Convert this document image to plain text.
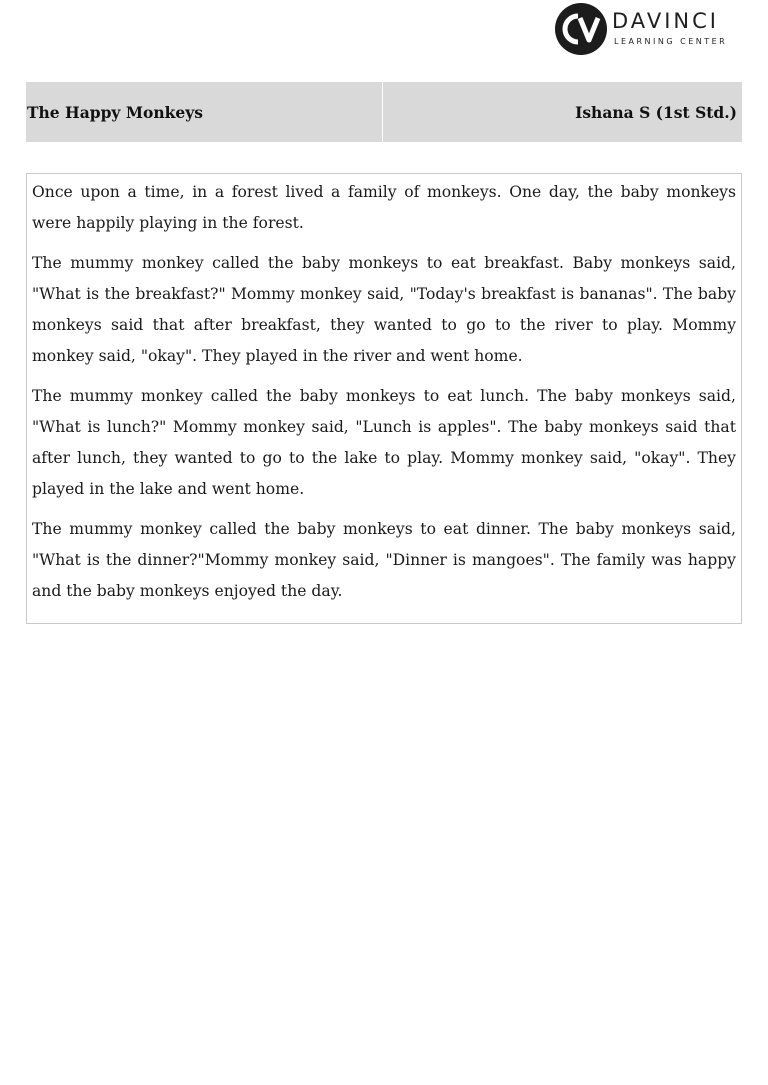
DAVINCI
LEARNING CENTER
The Happy Monkeys	Ishana S (1st Std.)

Once upon a time, in a forest lived a family of monkeys. One day, the baby monkeys were happily playing in the forest.

The mummy monkey called the baby monkeys to eat breakfast. Baby monkeys said, "What is the breakfast?" Mommy monkey said, "Today's breakfast is bananas". The baby monkeys said that after breakfast, they wanted to go to the river to play. Mommy monkey said, "okay". They played in the river and went home.

The mummy monkey called the baby monkeys to eat lunch. The baby monkeys said, "What is lunch?" Mommy monkey said, "Lunch is apples". The baby monkeys said that after lunch, they wanted to go to the lake to play. Mommy monkey said, "okay". They played in the lake and went home.

The mummy monkey called the baby monkeys to eat dinner. The baby monkeys said, "What is the dinner?"Mommy monkey said, "Dinner is mangoes". The family was happy and the baby monkeys enjoyed the day.
